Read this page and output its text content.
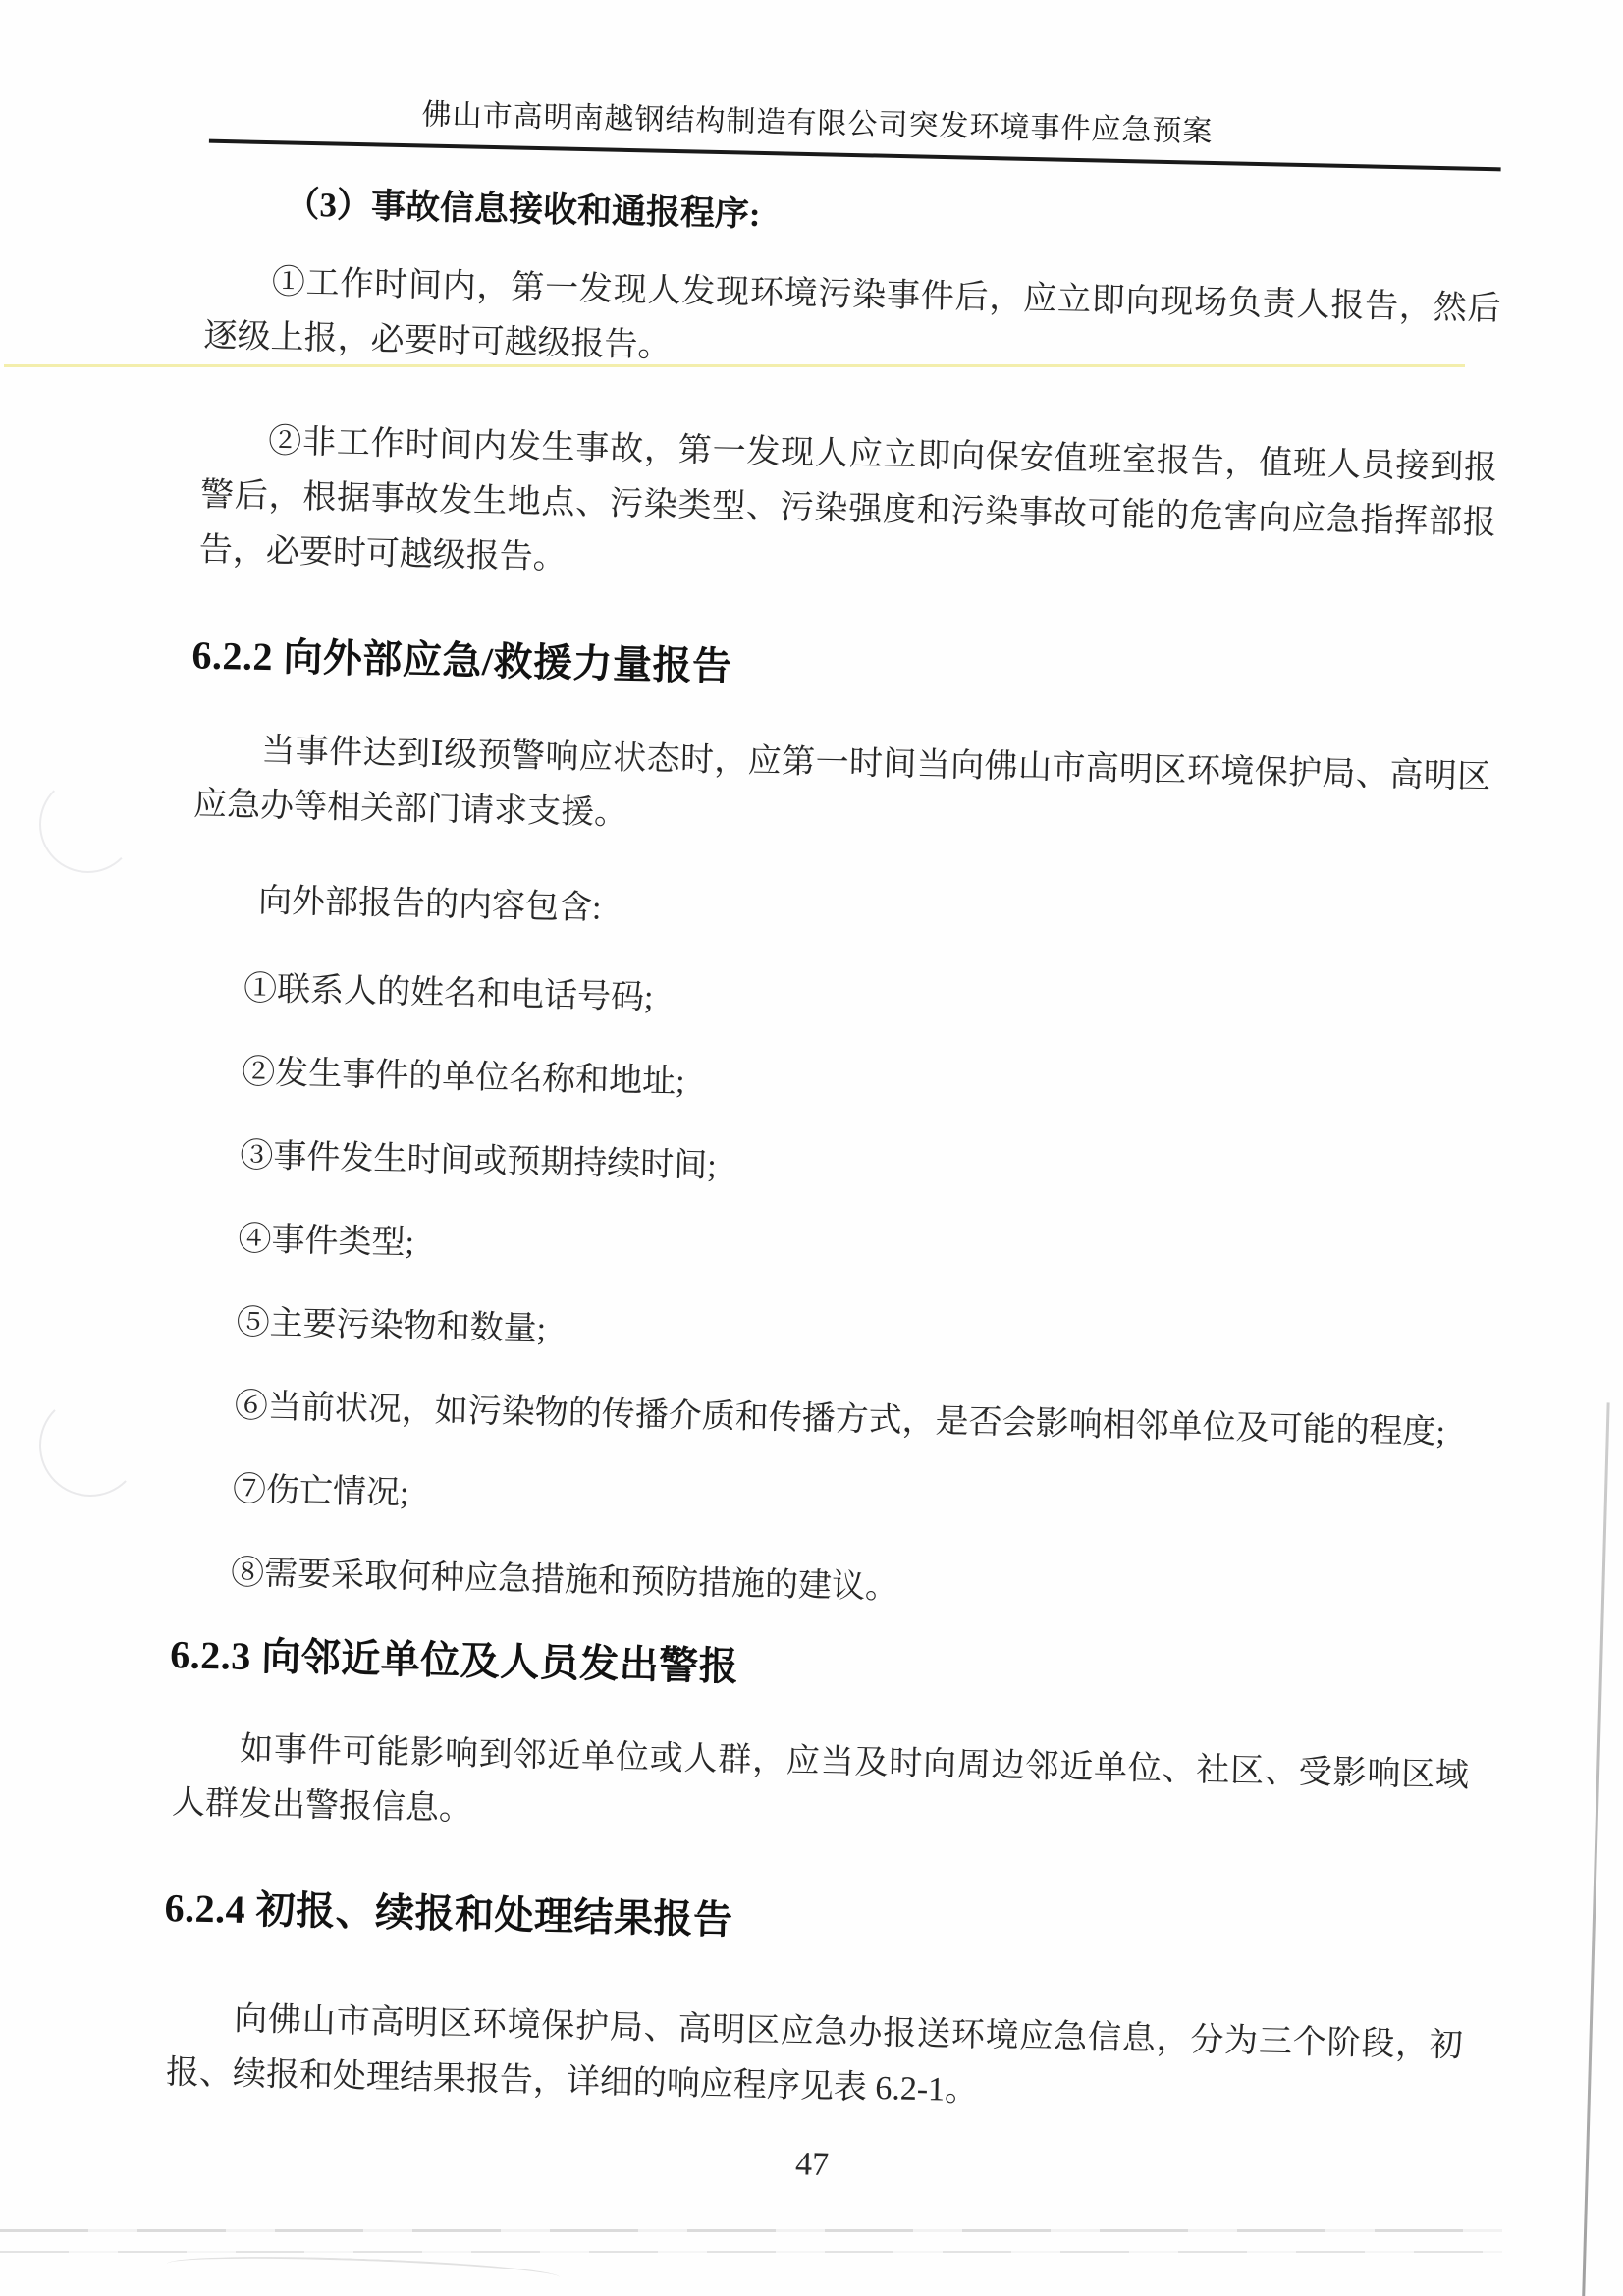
佛山市高明南越钢结构制造有限公司突发环境事件应急预案
（3）事故信息接收和通报程序:

①工作时间内，第一发现人发现环境污染事件后，应立即向现场负责人报告，然后逐级上报，必要时可越级报告。

②非工作时间内发生事故，第一发现人应立即向保安值班室报告，值班人员接到报警后，根据事故发生地点、污染类型、污染强度和污染事故可能的危害向应急指挥部报告，必要时可越级报告。

6.2.2 向外部应急/救援力量报告

当事件达到Ⅰ级预警响应状态时，应第一时间当向佛山市高明区环境保护局、高明区应急办等相关部门请求支援。

向外部报告的内容包含:

①联系人的姓名和电话号码;

②发生事件的单位名称和地址;

③事件发生时间或预期持续时间;

④事件类型;

⑤主要污染物和数量;

⑥当前状况，如污染物的传播介质和传播方式，是否会影响相邻单位及可能的程度;

⑦伤亡情况;

⑧需要采取何种应急措施和预防措施的建议。

6.2.3 向邻近单位及人员发出警报

如事件可能影响到邻近单位或人群，应当及时向周边邻近单位、社区、受影响区域人群发出警报信息。

6.2.4 初报、续报和处理结果报告

向佛山市高明区环境保护局、高明区应急办报送环境应急信息，分为三个阶段，初报、续报和处理结果报告，详细的响应程序见表 6.2-1。

47
